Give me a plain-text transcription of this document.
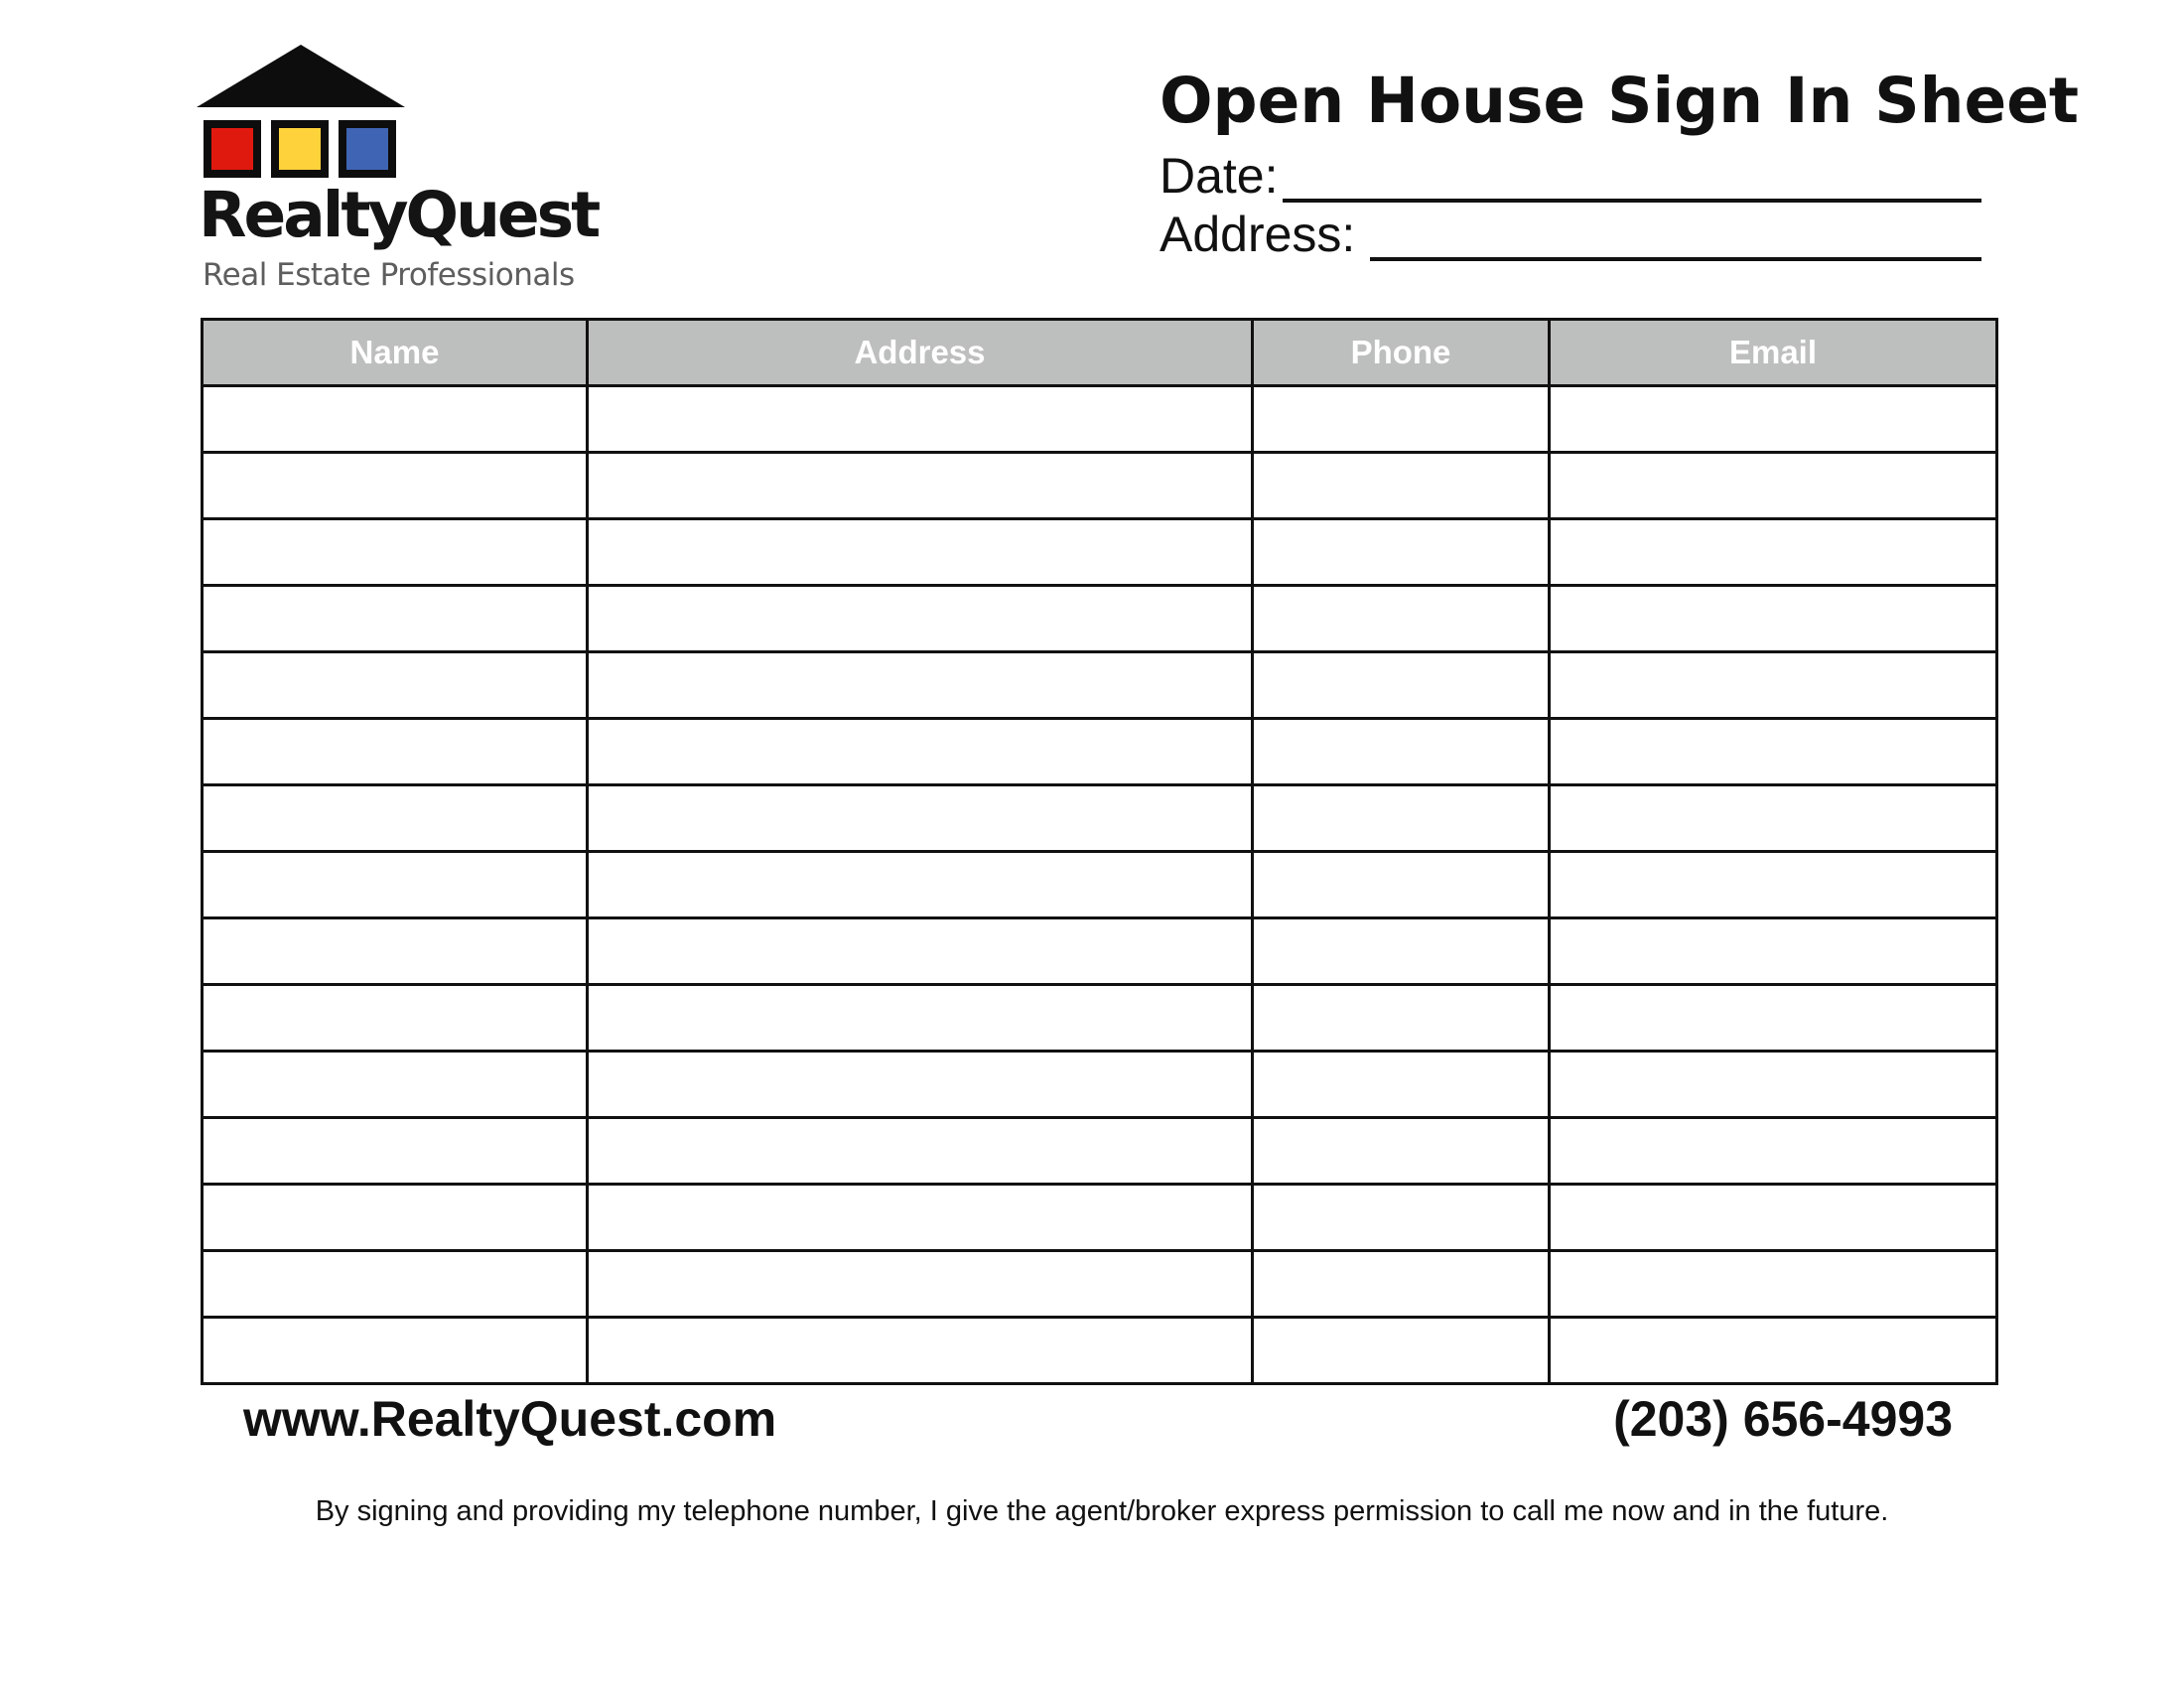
RealtyQuest
Real Estate Professionals
Open House Sign In Sheet
Date:
Address:
Name	Address	Phone	Email

www.RealtyQuest.com	(203) 656-4993
By signing and providing my telephone number, I give the agent/broker express permission to call me now and in the future.
